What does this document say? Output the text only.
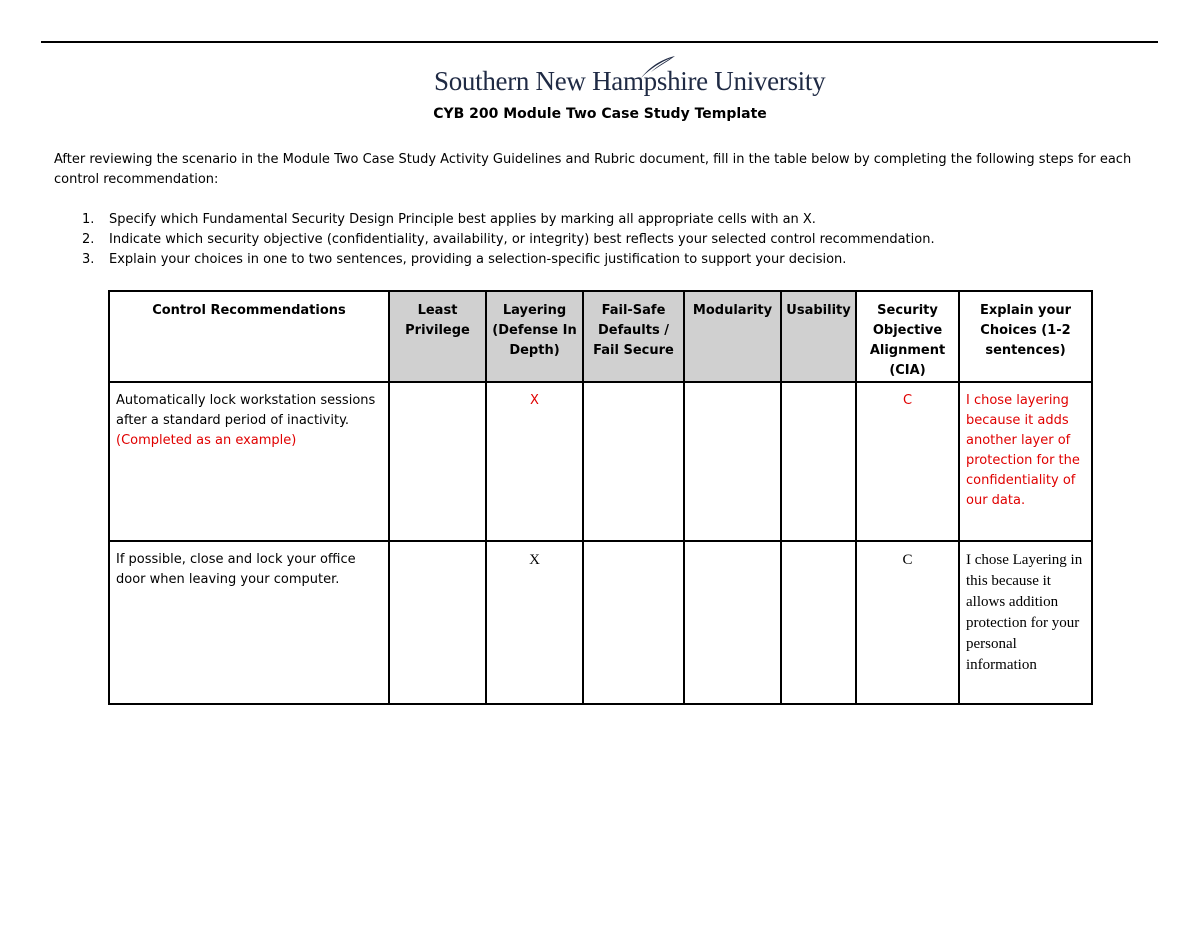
Southern New Hampshire University
CYB 200 Module Two Case Study Template
After reviewing the scenario in the Module Two Case Study Activity Guidelines and Rubric document, fill in the table below by completing the following steps for each control recommendation:
1. Specify which Fundamental Security Design Principle best applies by marking all appropriate cells with an X.
2. Indicate which security objective (confidentiality, availability, or integrity) best reflects your selected control recommendation.
3. Explain your choices in one to two sentences, providing a selection-specific justification to support your decision.
Control Recommendations	Least Privilege	Layering (Defense In Depth)	Fail-Safe Defaults / Fail Secure	Modularity	Usability	Security Objective Alignment (CIA)	Explain your Choices (1-2 sentences)
Automatically lock workstation sessions after a standard period of inactivity. (Completed as an example)		X				C	I chose layering because it adds another layer of protection for the confidentiality of our data.
If possible, close and lock your office door when leaving your computer.		X				C	I chose Layering in this because it allows addition protection for your personal information
